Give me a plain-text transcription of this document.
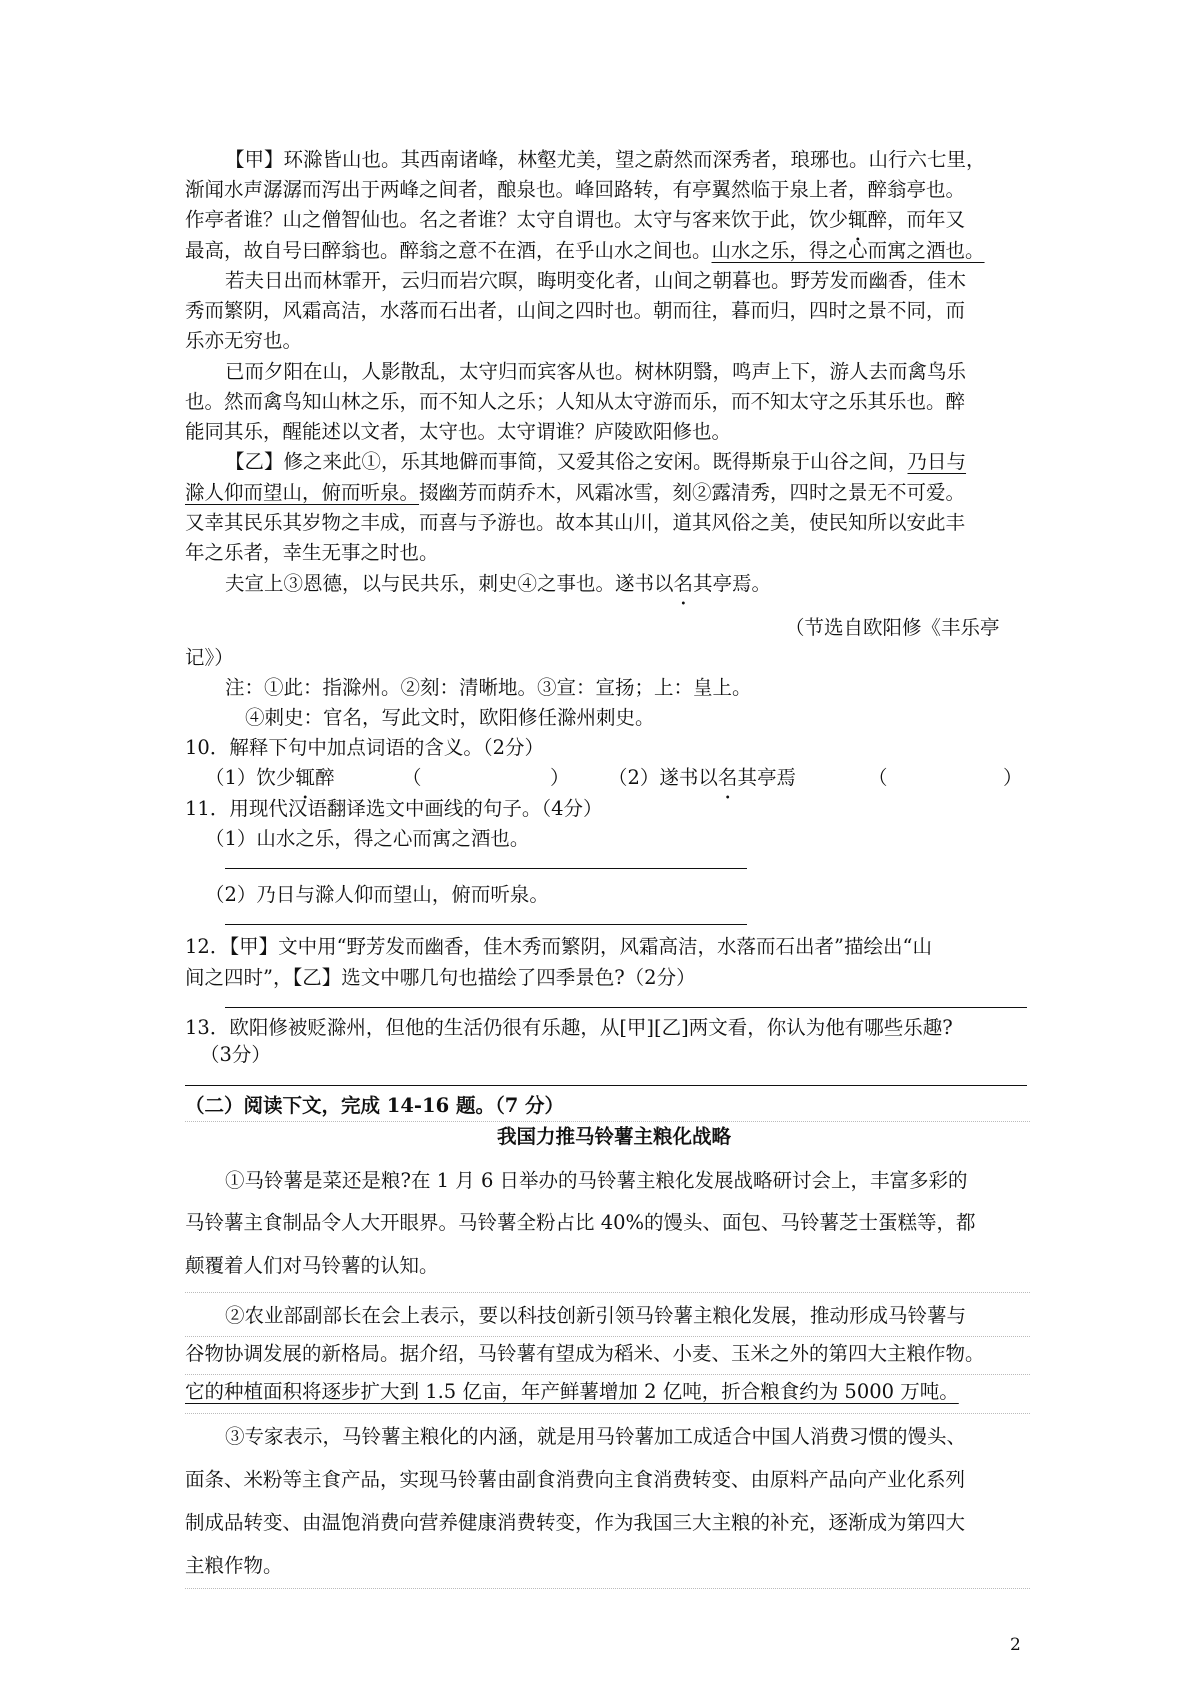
【甲】环滁皆山也。其西南诸峰，林壑尤美，望之蔚然而深秀者，琅琊也。山行六七里，
渐闻水声潺潺而泻出于两峰之间者，酿泉也。峰回路转，有亭翼然临于泉上者，醉翁亭也。
作亭者谁？山之僧智仙也。名之者谁？太守自谓也。太守与客来饮于此，饮少辄醉，而年又
最高，故自号曰醉翁也。醉翁之意不在酒，在乎山水之间也。山水之乐，得之心而寓之酒也。
若夫日出而林霏开，云归而岩穴暝，晦明变化者，山间之朝暮也。野芳发而幽香，佳木
秀而繁阴，风霜高洁，水落而石出者，山间之四时也。朝而往，暮而归，四时之景不同，而
乐亦无穷也。
已而夕阳在山，人影散乱，太守归而宾客从也。树林阴翳，鸣声上下，游人去而禽鸟乐
也。然而禽鸟知山林之乐，而不知人之乐；人知从太守游而乐，而不知太守之乐其乐也。醉
能同其乐，醒能述以文者，太守也。太守谓谁？庐陵欧阳修也。
【乙】修之来此①，乐其地僻而事简，又爱其俗之安闲。既得斯泉于山谷之间，乃日与
滁人仰而望山，俯而听泉。掇幽芳而荫乔木，风霜冰雪，刻②露清秀，四时之景无不可爱。
又幸其民乐其岁物之丰成，而喜与予游也。故本其山川，道其风俗之美，使民知所以安此丰
年之乐者，幸生无事之时也。
夫宣上③恩德，以与民共乐，刺史④之事也。遂书以名其亭焉。
（节选自欧阳修《丰乐亭
记》）
注：①此：指滁州。②刻：清晰地。③宣：宣扬；上：皇上。
④刺史：官名，写此文时，欧阳修任滁州刺史。
10．解释下句中加点词语的含义。（2分）
（1）饮少辄醉	（	） （2）遂书以名其亭焉	（	）
11．用现代汉语翻译选文中画线的句子。（4分）
（1）山水之乐，得之心而寓之酒也。
（2）乃日与滁人仰而望山，俯而听泉。
12．【甲】文中用“野芳发而幽香，佳木秀而繁阴，风霜高洁，水落而石出者”描绘出“山
间之四时”，【乙】选文中哪几句也描绘了四季景色?（2分）
13．欧阳修被贬滁州，但他的生活仍很有乐趣，从[甲][乙]两文看，你认为他有哪些乐趣?
（3分）
（二）阅读下文，完成 14-16 题。（7 分）
我国力推马铃薯主粮化战略
①马铃薯是菜还是粮?在 1 月 6 日举办的马铃薯主粮化发展战略研讨会上，丰富多彩的
马铃薯主食制品令人大开眼界。马铃薯全粉占比 40%的馒头、面包、马铃薯芝士蛋糕等，都
颠覆着人们对马铃薯的认知。
②农业部副部长在会上表示，要以科技创新引领马铃薯主粮化发展，推动形成马铃薯与
谷物协调发展的新格局。据介绍，马铃薯有望成为稻米、小麦、玉米之外的第四大主粮作物。
它的种植面积将逐步扩大到 1.5 亿亩，年产鲜薯增加 2 亿吨，折合粮食约为 5000 万吨。
③专家表示，马铃薯主粮化的内涵，就是用马铃薯加工成适合中国人消费习惯的馒头、
面条、米粉等主食产品，实现马铃薯由副食消费向主食消费转变、由原料产品向产业化系列
制成品转变、由温饱消费向营养健康消费转变，作为我国三大主粮的补充，逐渐成为第四大
主粮作物。
2
